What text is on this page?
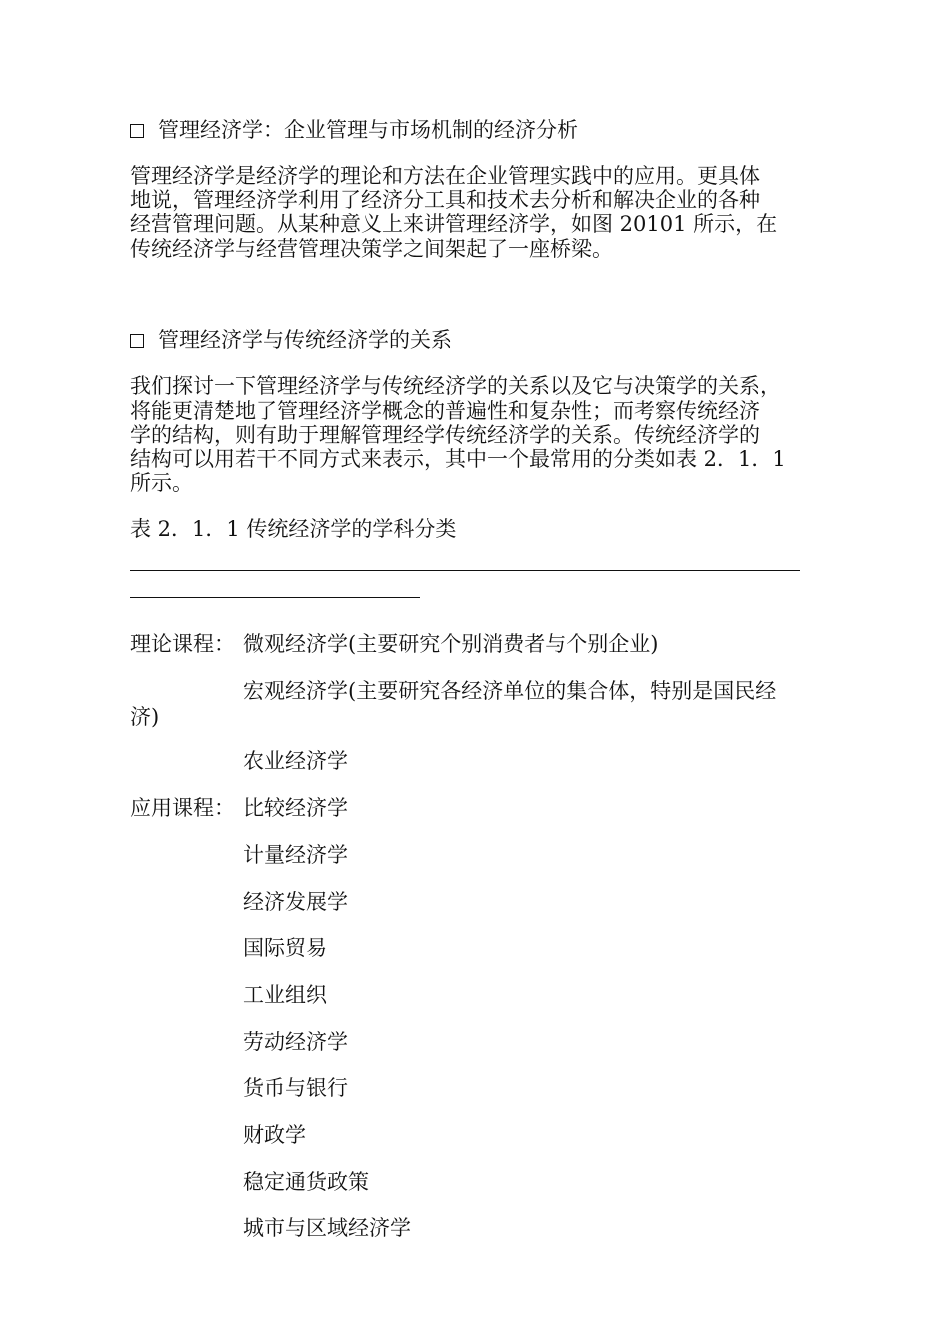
管理经济学：企业管理与市场机制的经济分析
管理经济学是经济学的理论和方法在企业管理实践中的应用。更具体
地说，管理经济学利用了经济分工具和技术去分析和解决企业的各种
经营管理问题。从某种意义上来讲管理经济学，如图 20101 所示，在
传统经济学与经营管理决策学之间架起了一座桥梁。
管理经济学与传统经济学的关系
我们探讨一下管理经济学与传统经济学的关系以及它与决策学的关系，
将能更清楚地了管理经济学概念的普遍性和复杂性；而考察传统经济
学的结构，则有助于理解管理经学传统经济学的关系。传统经济学的
结构可以用若干不同方式来表示，其中一个最常用的分类如表 2．1．1
所示。
表 2．1．1 传统经济学的学科分类
理论课程： 微观经济学(主要研究个别消费者与个别企业)
宏观经济学(主要研究各经济单位的集合体，特别是国民经
济)
农业经济学
应用课程： 比较经济学
计量经济学
经济发展学
国际贸易
工业组织
劳动经济学
货币与银行
财政学
稳定通货政策
城市与区域经济学
